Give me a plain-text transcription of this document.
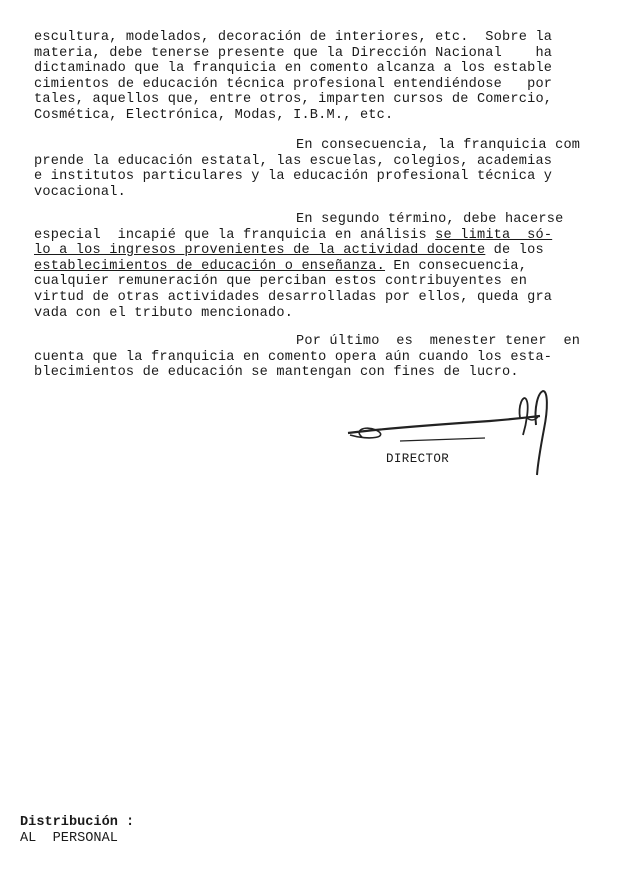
escultura, modelados, decoración de interiores, etc.  Sobre la
materia, debe tenerse presente que la Dirección Nacional    ha
dictaminado que la franquicia en comento alcanza a los estable
cimientos de educación técnica profesional entendiéndose   por
tales, aquellos que, entre otros, imparten cursos de Comercio,
Cosmética, Electrónica, Modas, I.B.M., etc.
En consecuencia, la franquicia com
prende la educación estatal, las escuelas, colegios, academias
e institutos particulares y la educación profesional técnica y
vocacional.
En segundo término, debe hacerse
especial  incapié que la franquicia en análisis se limita  só-
lo a los ingresos provenientes de la actividad docente de los
establecimientos de educación o enseñanza. En consecuencia,
cualquier remuneración que perciban estos contribuyentes en
virtud de otras actividades desarrolladas por ellos, queda gra
vada con el tributo mencionado.
Por último  es  menester tener  en
cuenta que la franquicia en comento opera aún cuando los esta-
blecimientos de educación se mantengan con fines de lucro.
DIRECTOR
Distribución :
AL  PERSONAL
